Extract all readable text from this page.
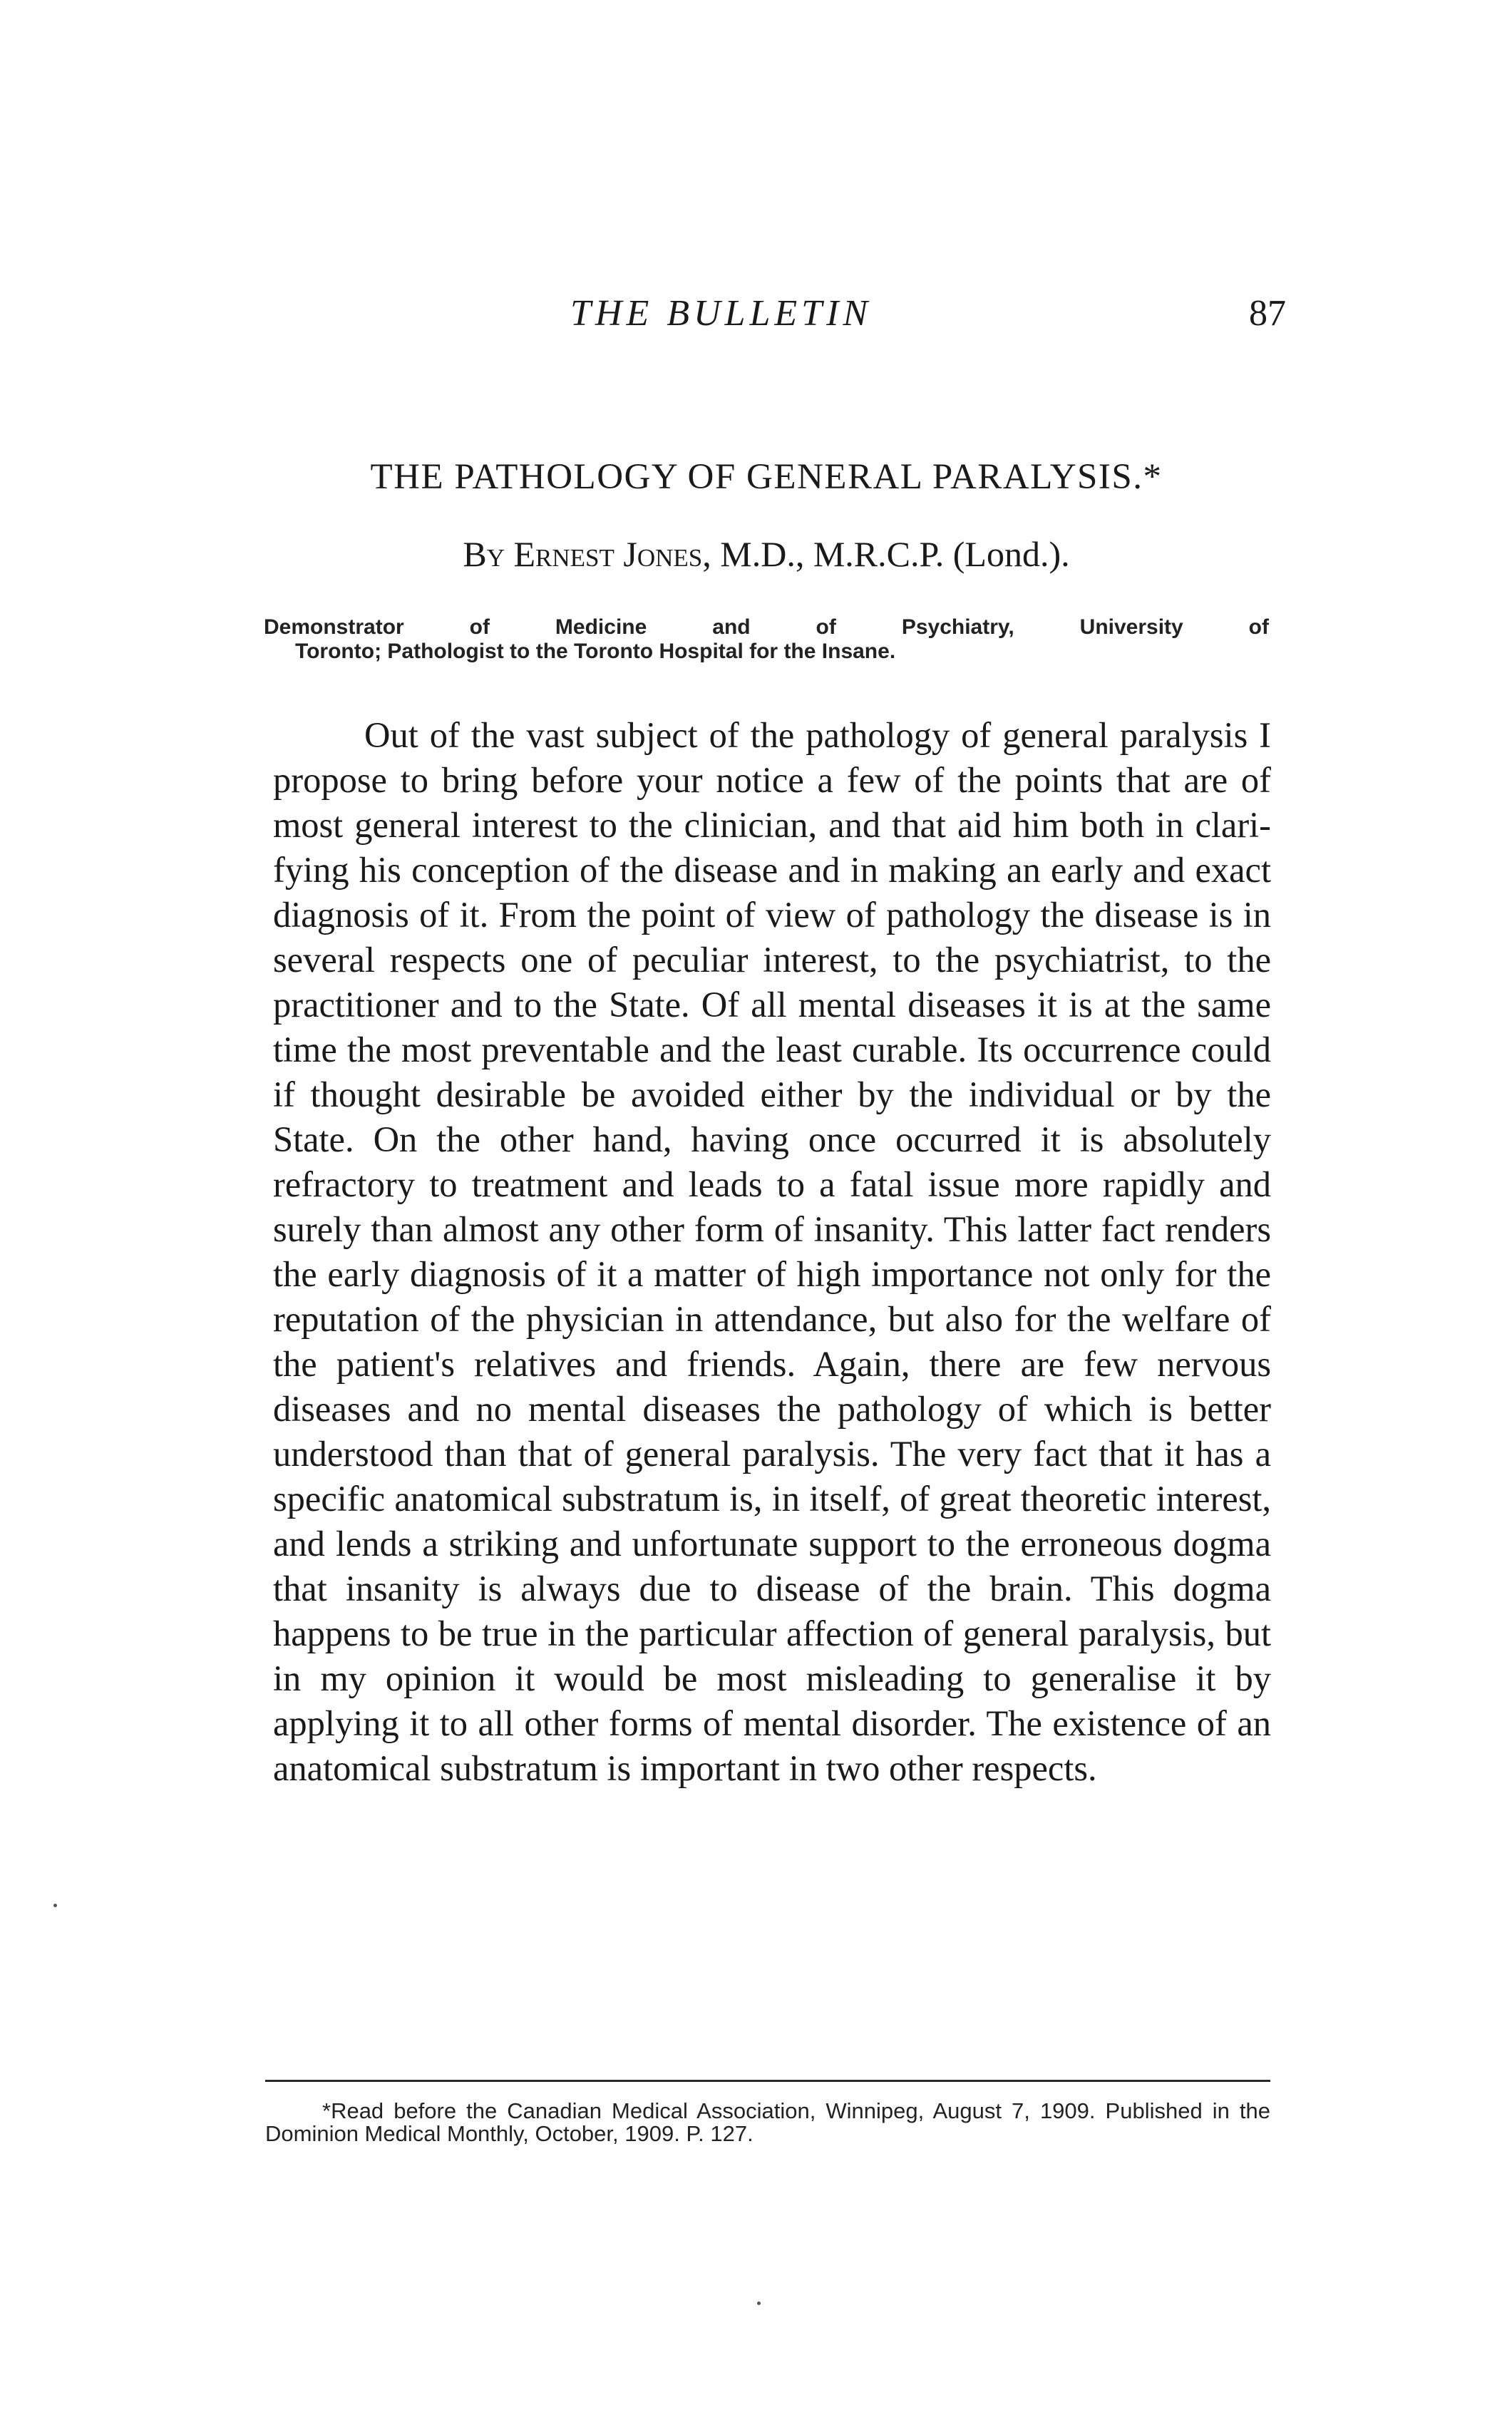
THE BULLETIN	87
THE PATHOLOGY OF GENERAL PARALYSIS.*
By Ernest Jones, M.D., M.R.C.P. (Lond.).
Demonstrator of Medicine and of Psychiatry, University of
Toronto; Pathologist to the Toronto Hospital for the Insane.

Out of the vast subject of the pathology of general paralysis I propose to bring before your notice a few of the points that are of most general interest to the clinician, and that aid him both in clarifying his conception of the disease and in making an early and exact diagnosis of it. From the point of view of pathology the disease is in several respects one of peculiar interest, to the psychiatrist, to the practitioner and to the State. Of all mental diseases it is at the same time the most preventable and the least curable. Its occurrence could if thought desirable be avoided either by the individual or by the State. On the other hand, having once occurred it is absolutely refractory to treatment and leads to a fatal issue more rapidly and surely than almost any other form of insanity. This latter fact renders the early diagnosis of it a matter of high importance not only for the reputation of the physician in attendance, but also for the welfare of the patient's relatives and friends. Again, there are few nervous diseases and no mental diseases the pathology of which is better understood than that of general paralysis. The very fact that it has a specific anatomical substratum is, in itself, of great theoretic interest, and lends a striking and unfortunate support to the erroneous dogma that insanity is always due to disease of the brain. This dogma happens to be true in the particular affection of general paralysis, but in my opinion it would be most misleading to generalise it by applying it to all other forms of mental disorder. The existence of an anatomical substratum is important in two other respects.

*Read before the Canadian Medical Association, Winnipeg, August 7, 1909. Published in the Dominion Medical Monthly, October, 1909. P. 127.
